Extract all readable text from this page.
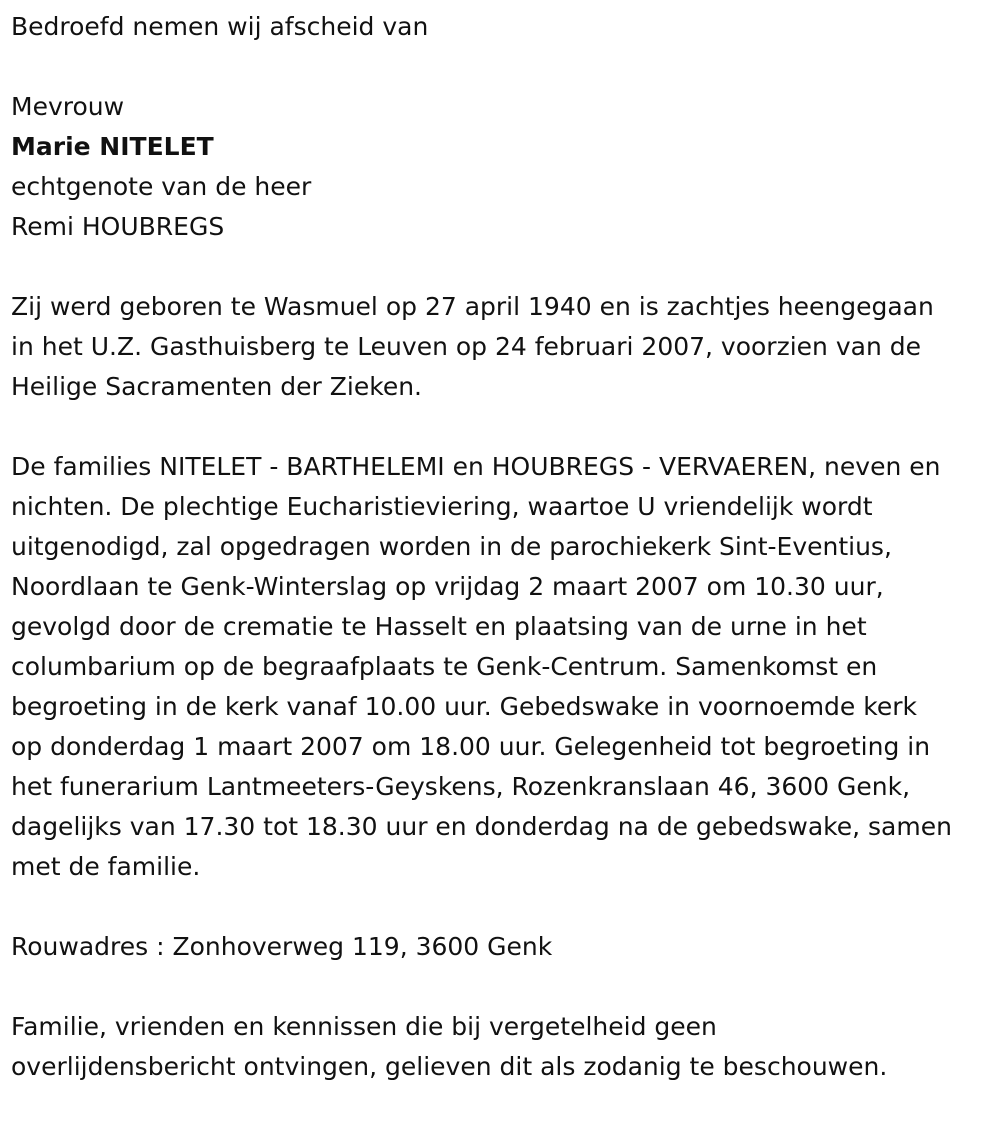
Bedroefd nemen wij afscheid van
Mevrouw
Marie NITELET
echtgenote van de heer
Remi HOUBREGS
Zij werd geboren te Wasmuel op 27 april 1940 en is zachtjes heengegaan
in het U.Z. Gasthuisberg te Leuven op 24 februari 2007, voorzien van de
Heilige Sacramenten der Zieken.
De families NITELET - BARTHELEMI en HOUBREGS - VERVAEREN, neven en
nichten. De plechtige Eucharistieviering, waartoe U vriendelijk wordt
uitgenodigd, zal opgedragen worden in de parochiekerk Sint-Eventius,
Noordlaan te Genk-Winterslag op vrijdag 2 maart 2007 om 10.30 uur,
gevolgd door de crematie te Hasselt en plaatsing van de urne in het
columbarium op de begraafplaats te Genk-Centrum. Samenkomst en
begroeting in de kerk vanaf 10.00 uur. Gebedswake in voornoemde kerk
op donderdag 1 maart 2007 om 18.00 uur. Gelegenheid tot begroeting in
het funerarium Lantmeeters-Geyskens, Rozenkranslaan 46, 3600 Genk,
dagelijks van 17.30 tot 18.30 uur en donderdag na de gebedswake, samen
met de familie.
Rouwadres : Zonhoverweg 119, 3600 Genk
Familie, vrienden en kennissen die bij vergetelheid geen
overlijdensbericht ontvingen, gelieven dit als zodanig te beschouwen.
